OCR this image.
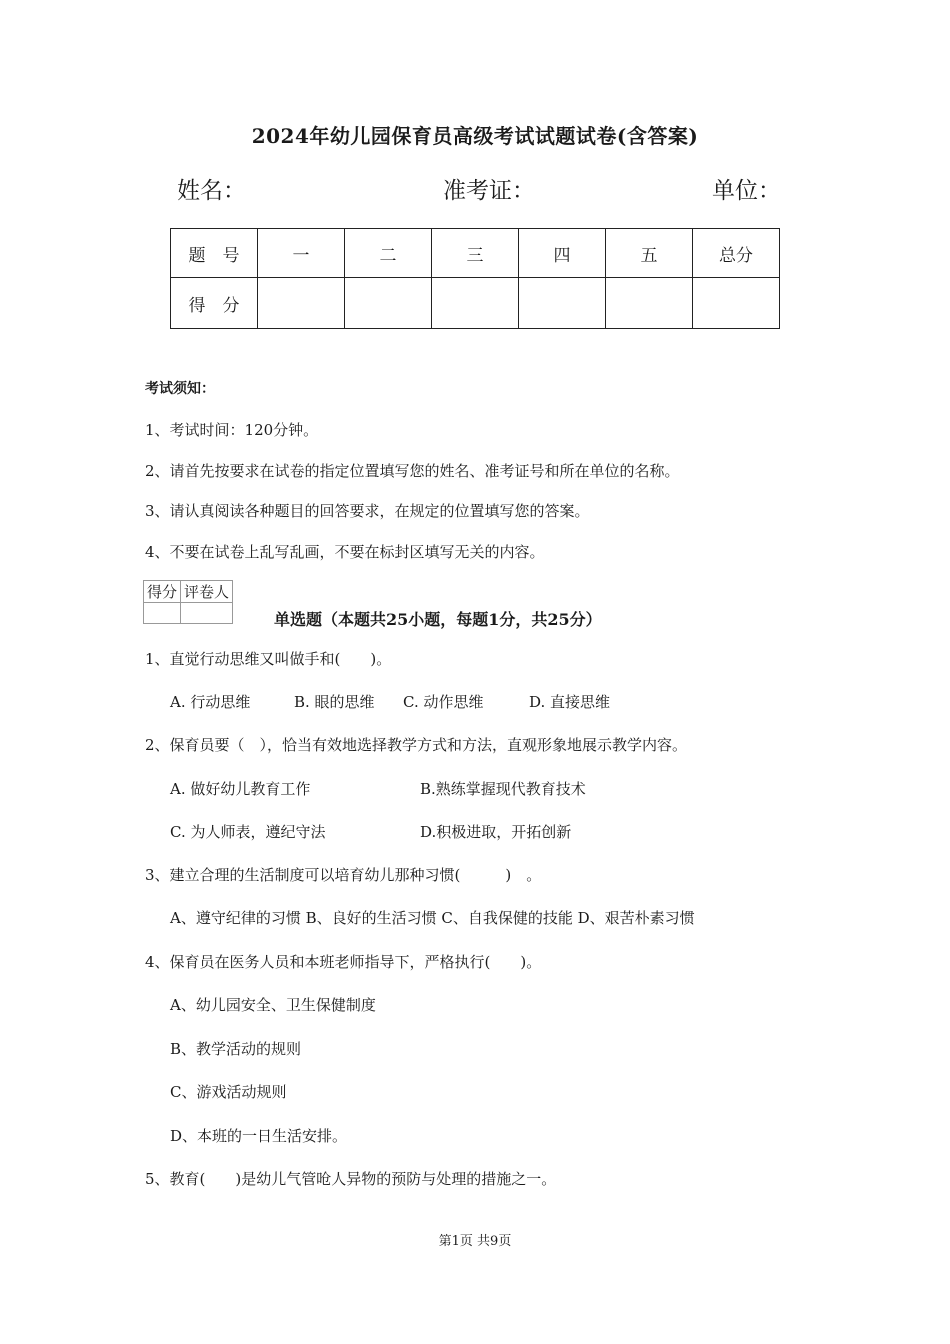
2024年幼儿园保育员高级考试试题试卷(含答案)
姓名：	准考证：	单位：
题　号	一	二	三	四	五	总分
得　分						
考试须知：
1、考试时间：120分钟。
2、请首先按要求在试卷的指定位置填写您的姓名、准考证号和所在单位的名称。
3、请认真阅读各种题目的回答要求，在规定的位置填写您的答案。
4、不要在试卷上乱写乱画，不要在标封区填写无关的内容。
得分	评卷人

单选题（本题共25小题，每题1分，共25分）
1、直觉行动思维又叫做手和(　　)。
A. 行动思维	B. 眼的思维 C. 动作思维	D. 直接思维
2、保育员要（　），恰当有效地选择教学方式和方法，直观形象地展示教学内容。
A. 做好幼儿教育工作	B.熟练掌握现代教育技术
C. 为人师表，遵纪守法	D.积极进取，开拓创新
3、建立合理的生活制度可以培育幼儿那种习惯(　　　)　。
A、遵守纪律的习惯 B、良好的生活习惯 C、自我保健的技能 D、艰苦朴素习惯
4、保育员在医务人员和本班老师指导下，严格执行(　　)。
A、幼儿园安全、卫生保健制度
B、教学活动的规则
C、游戏活动规则
D、本班的一日生活安排。
5、教育(　　)是幼儿气管呛人异物的预防与处理的措施之一。
第1页 共9页
